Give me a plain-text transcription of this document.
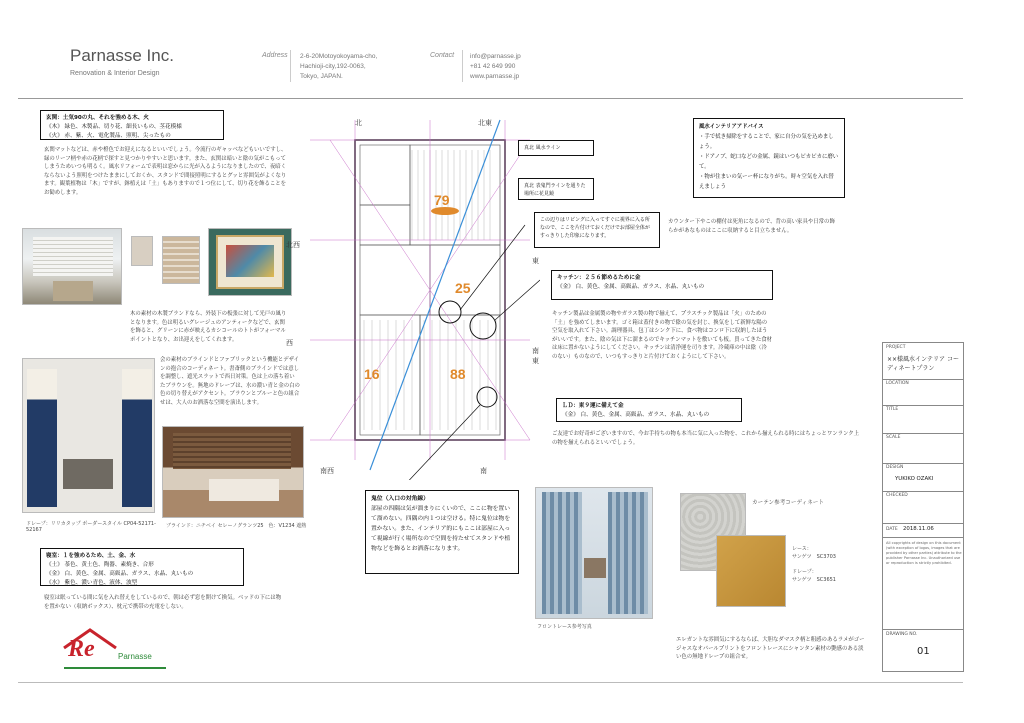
Parnasse Inc.
Renovation & Interior Design
Address 2-6-20Motoyokoyama-cho,
Hachioji-city,192-0063,
Tokyo, JAPAN.
Contact info@parnasse.jp
+81 42 649 990
www.parnasse.jp
玄関：土気90の丸、それを強める木、火
《木》 緑色、木製品、切り花、細長いもの、茎花模様
《火》 赤、紫、火、電化製品、照明、尖ったもの
玄関マットなどは、赤や橙色でお迎えになるといいでしょう。今流行のギャッベなどもいいですし、緑のリーフ柄や赤の花柄で探すと見つかりやすいと思います。また、玄関は暗いと陰の気がこもってしまうためいつも明るく。風水リフォームで表明は窓からに光が入るようになりましたので、夜暗くならないよう照明をつけたままにしておくか、スタンドで間接照明にするとグッと雰囲気がよくなります。観葉植物は「木」ですが、鉢植えは「土」もありますので１つ位にして、切り花を飾ることをお勧めします。
木の素材の木製ブランドなら、外装下の板張に対して光戸の風りとなります。色は明るいグレージュのアンティークなどで、玄関を飾ると、グリーンに赤が映えるカシコールのトトがフォーマルポイントとなり、お出迎えをしてくれます。
ドレープ：リリカタップ ボーダースタイル CP04-52171-52167
会の素材のブラインドとファブリックという機能とデザインの抱合のコーディネート。書斎側のブラインドでは意しを調整し、遮光スラットで西日対策。色は上の落ち着いたブラウンを。無地のドレーブは、水の濃い青と金の白の色の切り替えがアクセント。ブラウンとブルーと色の組合せは、大人のお洒落な空間を演出します。
ブラインド：ニチベイ セレーノグランツ25　色：V1234 遮熱
寝室：１を強めるため、土、金、水
《土》 茶色、黄土色、陶器、素焼き、合形
《金》 白、黄色、金属、高級品、ガラス、水晶、丸いもの
《水》 紫色、濃い青色、液体、波型
寝室は眠っている間に気を入れ替えをしているので、朝は必ず窓を開けて換気。ベッドの下には物を置かない（収納ボックス）、枕元で携帯の充電をしない。
Re	Parnasse
北	北東
北西
西
東
南東
南西	南
79
25
16	88
真北 風水ライン
真北 表鬼門ラインを通りた場所に花見鏡
この辺りはリビングに入ってすぐに視界に入る所なので、ここを片付けておくだけでお部屋全体がすっきりした印象になります。
カウンター下やこの棚付は死角になるので、背の高い家具や日常の飾らかがあなものはここに収納すると目立ちません。
風水インテリアアドバイス
・手で拭き掃除をすることで、家に自分の気を込めましょう。
・ドアノブ、蛇口などの金属、鏡はいつもピカピカに磨いて。
・物が住まいの気ーー杯になりがち。時々空気を入れ替えましょう
キッチン：２５６節めるために金
《金》 白、黄色、金属、高級品、ガラス、水晶、丸いもの
キッチン製品は金属製の物やガラス製の物で揃えて、プラスチック製品は「火」のための「土」を強めてしまいます。ゴミ箱は蓋付きの物で陰の気を封じ、換気をして新鮮な陽の空気を取入れて下さい。調理器具、包丁はシンク下に、食べ物はコンロ下に収納したほうがいいです。また、陰の気は下に溜まるのでキッチンマットを敷いても板。買ってきた食材は床に置かないようにしてください。キッチンは清浄運を司ります。冷蔵庫の中は陰（冷のない）ものなので、いつもすっきりと片付けておくようにして下さい。
ＬＤ：東９運に備えて金
《金》 白、黄色、金属、高級品、ガラス、水晶、丸いもの
ご友達でお好奇がございますので、今お手持ちの物も本当に気に入った物を、これから揃えられる時にはちょっとワンランク上の物を揃えられるといいでしょう。
鬼位（入口の対角線）
部屋の四隅は気が溜まりにくいので、ここに物を置いて溜めない。四隅の内１つは空ける。特に鬼位は物を置かない。また、インテリア的にもここは部屋に入って視線が行く場所なので空間を持たせてスタンドや植物などを飾るとお洒落になります。
フロントレース参考写真
カーテン参考コーディネート
レース：
サンゲツ　SC3703
ドレープ：
サンゲツ　SC3651
エレガントな雰囲気にするならば、大胆なダマスク柄と粗感のあるラメがゴージャスなオパールプリントをフロントレースにシャンタン素材の艶感のある淡い色の無地ドレープの組合せ。
PROJECT
××様風水インテリア コーディネートプラン
LOCATION
TITLE
SCALE
DESIGN
YUKIKO OZAKI
CHECKED
DATE 2018.11.06
All copyrights of design on this document (with exception of logos, images that are provided by other parties) attribute to the publisher Parnasse Inc. Unauthorized use or reproduction is strictly prohibited.
DRAWING NO.
01
